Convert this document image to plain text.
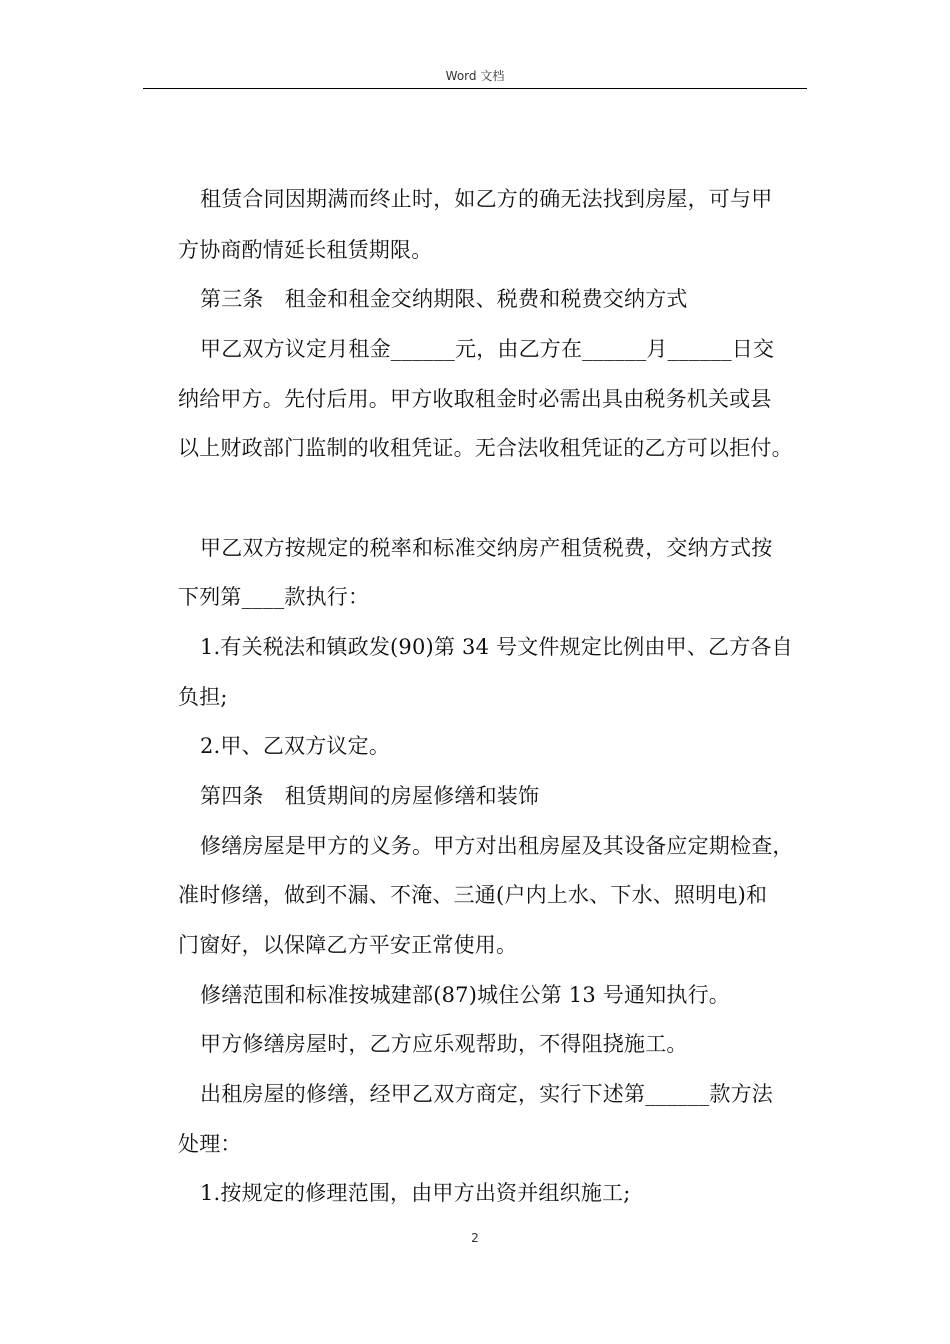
Word 文档
租赁合同因期满而终止时，如乙方的确无法找到房屋，可与甲
方协商酌情延长租赁期限。
第三条　租金和租金交纳期限、税费和税费交纳方式
甲乙双方议定月租金______元，由乙方在______月______日交
纳给甲方。先付后用。甲方收取租金时必需出具由税务机关或县
以上财政部门监制的收租凭证。无合法收租凭证的乙方可以拒付。
甲乙双方按规定的税率和标准交纳房产租赁税费，交纳方式按
下列第____款执行：
1.有关税法和镇政发(90)第 34 号文件规定比例由甲、乙方各自
负担;
2.甲、乙双方议定。
第四条　租赁期间的房屋修缮和装饰
修缮房屋是甲方的义务。甲方对出租房屋及其设备应定期检查，
准时修缮，做到不漏、不淹、三通(户内上水、下水、照明电)和
门窗好，以保障乙方平安正常使用。
修缮范围和标准按城建部(87)城住公第 13 号通知执行。
甲方修缮房屋时，乙方应乐观帮助，不得阻挠施工。
出租房屋的修缮，经甲乙双方商定，实行下述第______款方法
处理：
1.按规定的修理范围，由甲方出资并组织施工;
2
